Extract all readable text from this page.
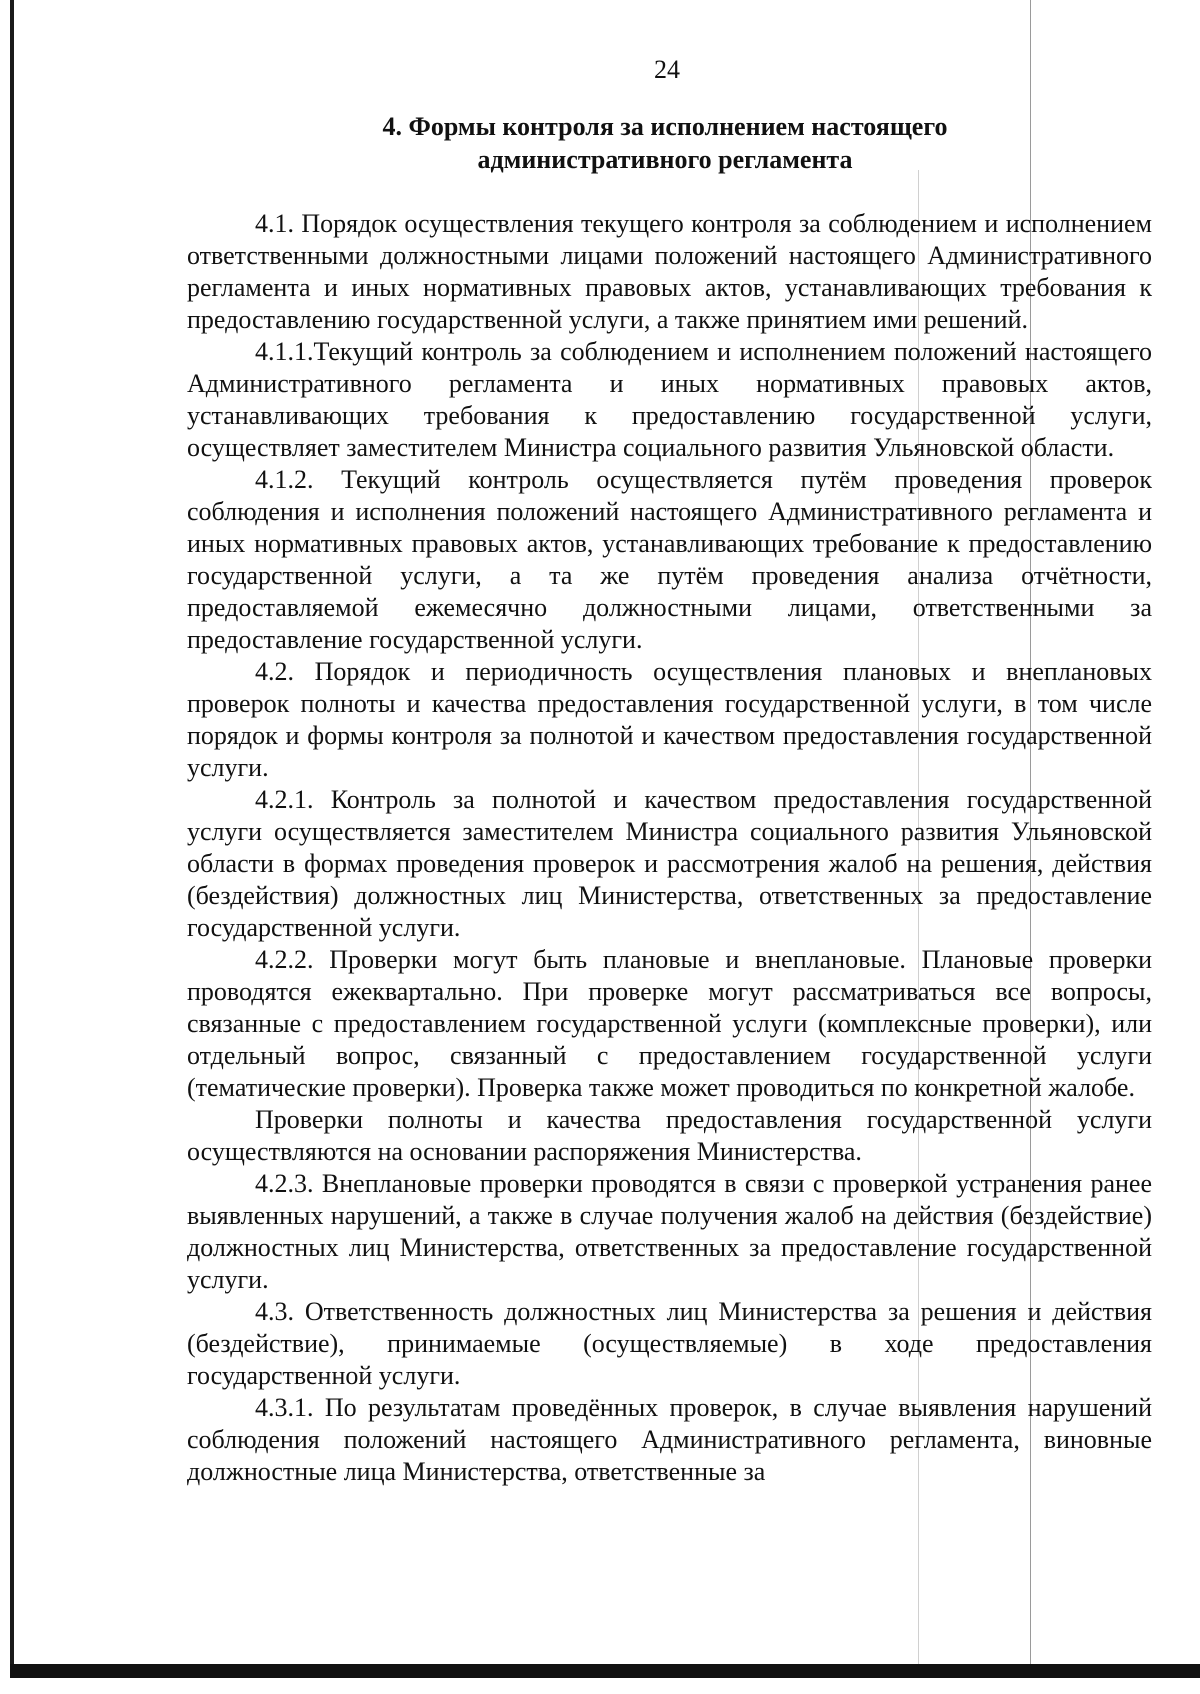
24
4. Формы контроля за исполнением настоящего
административного регламента

4.1. Порядок осуществления текущего контроля за соблюдением и исполнением ответственными должностными лицами положений настоящего Административного регламента и иных нормативных правовых актов, устанавливающих требования к предоставлению государственной услуги, а также принятием ими решений.

4.1.1.Текущий контроль за соблюдением и исполнением положений настоящего Административного регламента и иных нормативных правовых актов, устанавливающих требования к предоставлению государственной услуги, осуществляет заместителем Министра социального развития Ульяновской области.

4.1.2. Текущий контроль осуществляется путём проведения проверок соблюдения и исполнения положений настоящего Административного регламента и иных нормативных правовых актов, устанавливающих требование к предоставлению государственной услуги, а та же путём проведения анализа отчётности, предоставляемой ежемесячно должностными лицами, ответственными за предоставление государственной услуги.

4.2. Порядок и периодичность осуществления плановых и внеплановых проверок полноты и качества предоставления государственной услуги, в том числе порядок и формы контроля за полнотой и качеством предоставления государственной услуги.

4.2.1. Контроль за полнотой и качеством предоставления государственной услуги осуществляется заместителем Министра социального развития Ульяновской области в формах проведения проверок и рассмотрения жалоб на решения, действия (бездействия) должностных лиц Министерства, ответственных за предоставление государственной услуги.

4.2.2. Проверки могут быть плановые и внеплановые. Плановые проверки проводятся ежеквартально. При проверке могут рассматриваться все вопросы, связанные с предоставлением государственной услуги (комплексные проверки), или отдельный вопрос, связанный с предоставлением государственной услуги (тематические проверки). Проверка также может проводиться по конкретной жалобе.

Проверки полноты и качества предоставления государственной услуги осуществляются на основании распоряжения Министерства.

4.2.3. Внеплановые проверки проводятся в связи с проверкой устранения ранее выявленных нарушений, а также в случае получения жалоб на действия (бездействие) должностных лиц Министерства, ответственных за предоставление государственной услуги.

4.3. Ответственность должностных лиц Министерства за решения и действия (бездействие), принимаемые (осуществляемые) в ходе предоставления государственной услуги.

4.3.1. По результатам проведённых проверок, в случае выявления нарушений соблюдения положений настоящего Административного регламента, виновные должностные лица Министерства, ответственные за
